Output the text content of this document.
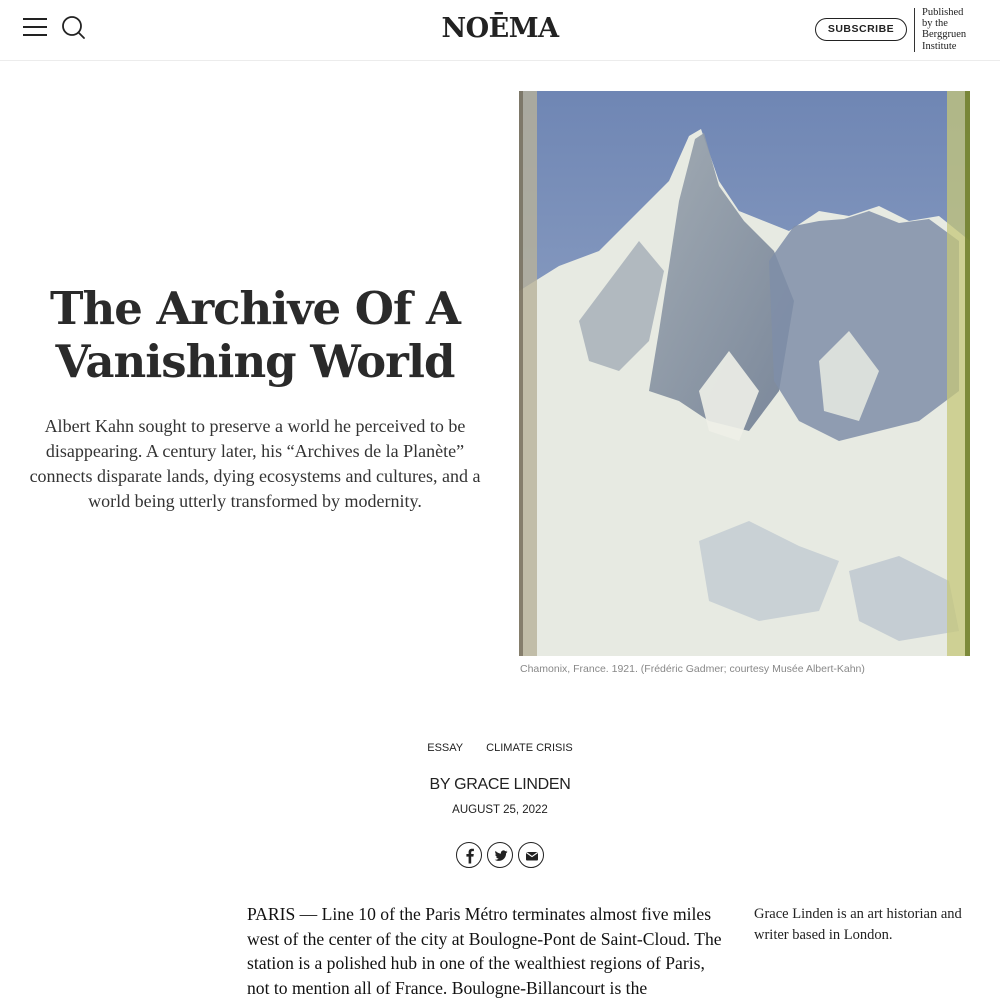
NOĒMA	SUBSCRIBE
Published
by the
Berggruen
Institute
The Archive Of A Vanishing World

Albert Kahn sought to preserve a world he perceived to be disappearing. A century later, his “Archives de la Planète” connects disparate lands, dying ecosystems and cultures, and a world being utterly transformed by modernity.

Chamonix, France. 1921. (Frédéric Gadmer; courtesy Musée Albert-Kahn)
ESSAY CLIMATE CRISIS
BY GRACE LINDEN
AUGUST 25, 2022

PARIS — Line 10 of the Paris Métro terminates almost five miles west of the center of the city at Boulogne-Pont de Saint-Cloud. The station is a polished hub in one of the wealthiest regions of Paris, not to mention all of France. Boulogne-Billancourt is the

Grace Linden is an art historian and writer based in London.
